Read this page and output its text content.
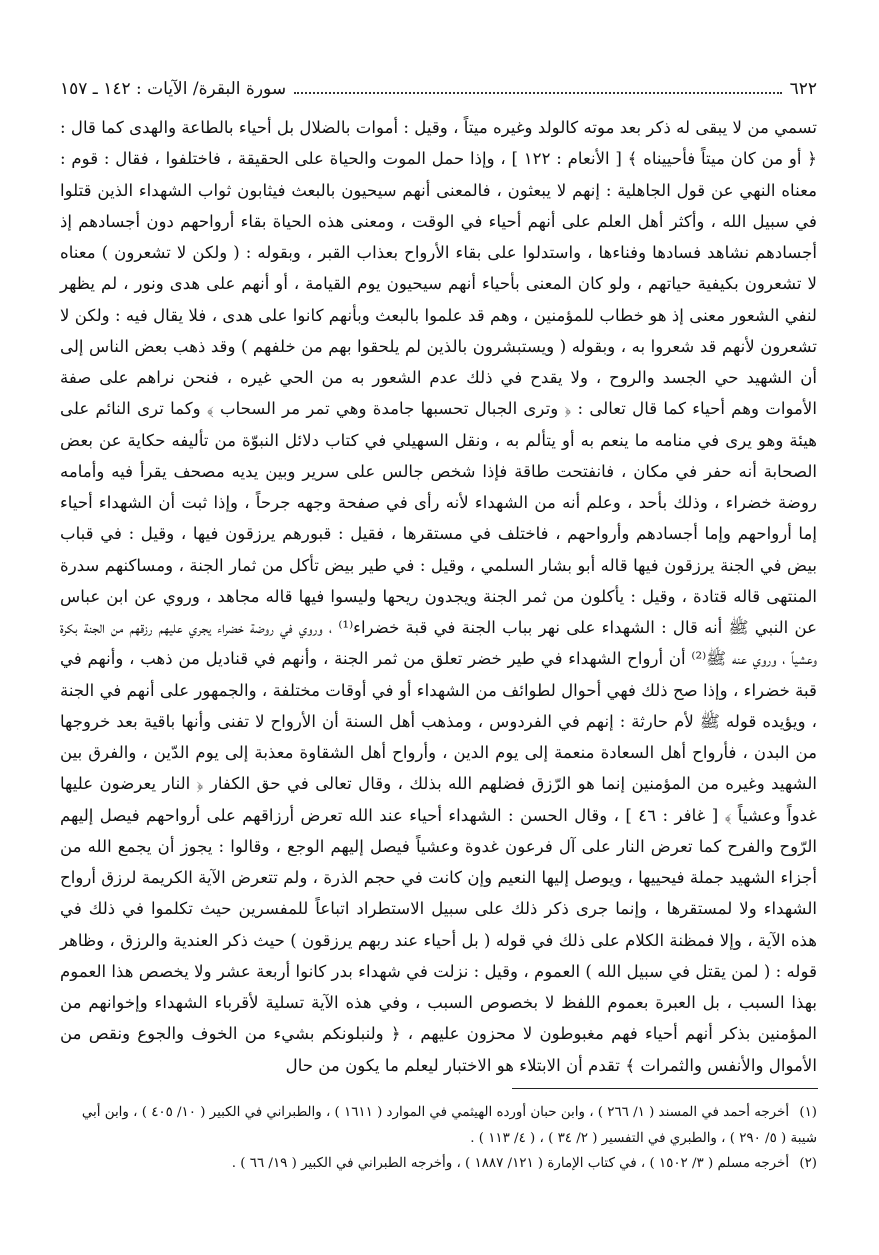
سورة البقرة/ الآيات : ١٤٢ ـ ١٥٧	٦٢٢

تسمي من لا يبقى له ذكر بعد موته كالولد وغيره ميتاً ، وقيل : أموات بالضلال بل أحياء بالطاعة والهدى كما قال : ﴿ أو من كان ميتاً فأحييناه ﴾ [ الأنعام : ١٢٢ ] ، وإذا حمل الموت والحياة على الحقيقة ، فاختلفوا ، فقال : قوم : معناه النهي عن قول الجاهلية : إنهم لا يبعثون ، فالمعنى أنهم سيحيون بالبعث فيثابون ثواب الشهداء الذين قتلوا في سبيل الله ، وأكثر أهل العلم على أنهم أحياء في الوقت ، ومعنى هذه الحياة بقاء أرواحهم دون أجسادهم إذ أجسادهم نشاهد فسادها وفناءها ، واستدلوا على بقاء الأرواح بعذاب القبر ، وبقوله : ( ولكن لا تشعرون ) معناه لا تشعرون بكيفية حياتهم ، ولو كان المعنى بأحياء أنهم سيحيون يوم القيامة ، أو أنهم على هدى ونور ، لم يظهر لنفي الشعور معنى إذ هو خطاب للمؤمنين ، وهم قد علموا بالبعث وبأنهم كانوا على هدى ، فلا يقال فيه : ولكن لا تشعرون لأنهم قد شعروا به ، وبقوله ( ويستبشرون بالذين لم يلحقوا بهم من خلفهم ) وقد ذهب بعض الناس إلى أن الشهيد حي الجسد والروح ، ولا يقدح في ذلك عدم الشعور به من الحي غيره ، فنحن نراهم على صفة الأموات وهم أحياء كما قال تعالى : ﴿ وترى الجبال تحسبها جامدة وهي تمر مر السحاب ﴾ وكما ترى النائم على هيئة وهو يرى في منامه ما ينعم به أو يتألم به ، ونقل السهيلي في كتاب دلائل النبوّة من تأليفه حكاية عن بعض الصحابة أنه حفر في مكان ، فانفتحت طاقة فإذا شخص جالس على سرير وبين يديه مصحف يقرأ فيه وأمامه روضة خضراء ، وذلك بأحد ، وعلم أنه من الشهداء لأنه رأى في صفحة وجهه جرحاً ، وإذا ثبت أن الشهداء أحياء إما أرواحهم وإما أجسادهم وأرواحهم ، فاختلف في مستقرها ، فقيل : قبورهم يرزقون فيها ، وقيل : في قباب بيض في الجنة يرزقون فيها قاله أبو بشار السلمي ، وقيل : في طير بيض تأكل من ثمار الجنة ، ومساكنهم سدرة المنتهى قاله قتادة ، وقيل : يأكلون من ثمر الجنة ويجدون ريحها وليسوا فيها قاله مجاهد ، وروي عن ابن عباس عن النبي ﷺ أنه قال : الشهداء على نهر بباب الجنة في قبة خضراء⁽¹⁾ ، وروي في روضة خضراء يجري عليهم رزقهم من الجنة بكرة وعشياً ، وروي عنه ﷺ⁽²⁾ أن أرواح الشهداء في طير خضر تعلق من ثمر الجنة ، وأنهم في قناديل من ذهب ، وأنهم في قبة خضراء ، وإذا صح ذلك فهي أحوال لطوائف من الشهداء أو في أوقات مختلفة ، والجمهور على أنهم في الجنة ، ويؤيده قوله ﷺ لأم حارثة : إنهم في الفردوس ، ومذهب أهل السنة أن الأرواح لا تفنى وأنها باقية بعد خروجها من البدن ، فأرواح أهل السعادة منعمة إلى يوم الدين ، وأرواح أهل الشقاوة معذبة إلى يوم الدّين ، والفرق بين الشهيد وغيره من المؤمنين إنما هو الرّزق فضلهم الله بذلك ، وقال تعالى في حق الكفار ﴿ النار يعرضون عليها غدواً وعشياً ﴾ [ غافر : ٤٦ ] ، وقال الحسن : الشهداء أحياء عند الله تعرض أرزاقهم على أرواحهم فيصل إليهم الرّوح والفرح كما تعرض النار على آل فرعون غدوة وعشياً فيصل إليهم الوجع ، وقالوا : يجوز أن يجمع الله من أجزاء الشهيد جملة فيحييها ، ويوصل إليها النعيم وإن كانت في حجم الذرة ، ولم تتعرض الآية الكريمة لرزق أرواح الشهداء ولا لمستقرها ، وإنما جرى ذكر ذلك على سبيل الاستطراد اتباعاً للمفسرين حيث تكلموا في ذلك في هذه الآية ، وإلا فمظنة الكلام على ذلك في قوله ( بل أحياء عند ربهم يرزقون ) حيث ذكر العندية والرزق ، وظاهر قوله : ( لمن يقتل في سبيل الله ) العموم ، وقيل : نزلت في شهداء بدر كانوا أربعة عشر ولا يخصص هذا العموم بهذا السبب ، بل العبرة بعموم اللفظ لا بخصوص السبب ، وفي هذه الآية تسلية لأقرباء الشهداء وإخوانهم من المؤمنين بذكر أنهم أحياء فهم مغبوطون لا محزون عليهم ، ﴿ ولنبلونكم بشيء من الخوف والجوع ونقص من الأموال والأنفس والثمرات ﴾ تقدم أن الابتلاء هو الاختبار ليعلم ما يكون من حال

(١) أخرجه أحمد في المسند ( ١/ ٢٦٦ ) ، وابن حبان أورده الهيثمي في الموارد ( ١٦١١ ) ، والطبراني في الكبير ( ١٠/ ٤٠٥ ) ، وابن أبي شيبة ( ٥/ ٢٩٠ ) ، والطبري في التفسير ( ٢/ ٣٤ ) ، ( ٤/ ١١٣ ) .

(٢) أخرجه مسلم ( ٣/ ١٥٠٢ ) ، في كتاب الإمارة ( ١٢١/ ١٨٨٧ ) ، وأخرجه الطبراني في الكبير ( ١٩/ ٦٦ ) .
